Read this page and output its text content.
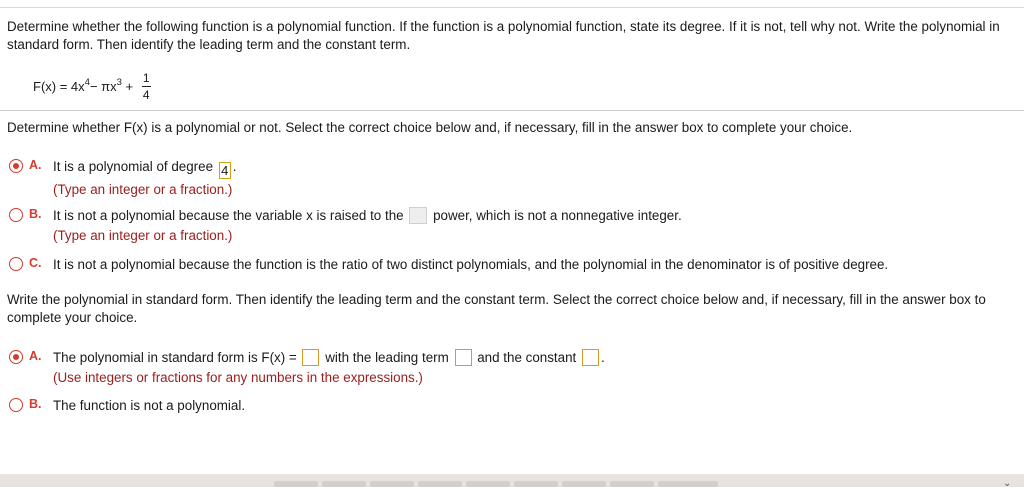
Determine whether the following function is a polynomial function. If the function is a polynomial function, state its degree. If it is not, tell why not. Write the polynomial in standard form. Then identify the leading term and the constant term.
$F(x) = 4x^4 - \pi x^3 + \frac{1}{4}$
Determine whether F(x) is a polynomial or not. Select the correct choice below and, if necessary, fill in the answer box to complete your choice.
A. It is a polynomial of degree 4 .
(Type an integer or a fraction.)
B. It is not a polynomial because the variable x is raised to the power, which is not a nonnegative integer.
(Type an integer or a fraction.)
C. It is not a polynomial because the function is the ratio of two distinct polynomials, and the polynomial in the denominator is of positive degree.
Write the polynomial in standard form. Then identify the leading term and the constant term. Select the correct choice below and, if necessary, fill in the answer box to complete your choice.
A. The polynomial in standard form is F(x) = with the leading term and the constant .
(Use integers or fractions for any numbers in the expressions.)
B. The function is not a polynomial.
⌄
